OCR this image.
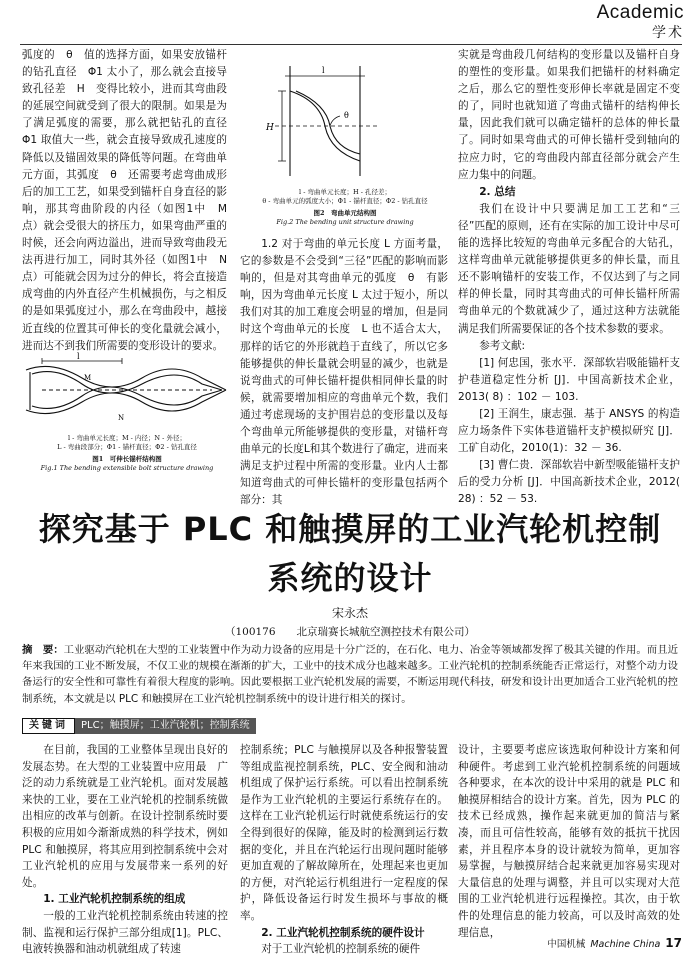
Academic
学术

弧度的　θ　值的选择方面，如果安放锚杆的钻孔直径　Φ1 太小了，那么就会直接导致孔径差　H　变得比较小，进而其弯曲段的延展空间就受到了很大的限制。如果是为了满足弧度的需要，那么就把钻孔的直径　Φ1 取值大一些，就会直接导致成孔速度的降低以及锚固效果的降低等问题。在弯曲单元方面，其弧度　θ　还需要考虑弯曲成形后的加工工艺，如果受到锚杆自身直径的影响，那其弯曲阶段的内径（如图1中　M　点）就会受很大的挤压力，如果弯曲严重的时候，还会向两边溢出，进而导致弯曲段无法再进行加工，同时其外径（如图1中　N　点）可能就会因为过分的伸长，将会直接造成弯曲的内外直径产生机械损伤，与之相反的是如果弧度过小，那么在弯曲段中，越接近直线的位置其可伸长的变化量就会减小，进而达不到我们所需要的变形设计的要求。

l
M
N
l - 弯曲单元长度；M - 内径；N - 外径；
L - 弯曲段部分；Φ1 - 锚杆直径；Φ2 - 钻孔直径
图1　可伸长锚杆结构图
Fig.1 The bending extensible bolt structure drawing
H
l
θ
l - 弯曲单元长度；H - 孔径差；
θ - 弯曲单元的弧度大小；Φ1 - 锚杆直径；Φ2 - 钻孔直径
图2　弯曲单元结构图
Fig.2 The bending unit structure drawing

1.2 对于弯曲的单元长度 L 方面考量，它的参数是不会受到“三径”匹配的影响而影响的，但是对其弯曲单元的弧度　θ　有影响，因为弯曲单元长度 L 太过于短小，所以我们对其的加工难度会明显的增加，但是同时这个弯曲单元的长度　L 也不适合太大，那样的话它的外形就趋于直线了，所以它多能够提供的伸长量就会明显的减少，也就是说弯曲式的可伸长锚杆提供相同伸长量的时候，就需要增加相应的弯曲单元个数，我们通过考虑现场的支护围岩总的变形量以及每个弯曲单元所能够提供的变形量，对锚杆弯曲单元的长度L和其个数进行了确定，进而来满足支护过程中所需的变形量。业内人士都知道弯曲式的可伸长锚杆的变形量包括两个部分：其

实就是弯曲段几何结构的变形量以及锚杆自身的塑性的变形量。如果我们把锚杆的材料确定之后，那么它的塑性变形伸长率就是固定不变的了，同时也就知道了弯曲式锚杆的结构伸长量，因此我们就可以确定锚杆的总体的伸长量了。同时如果弯曲式的可伸长锚杆受到轴向的拉应力时，它的弯曲段内部直径部分就会产生应力集中的问题。

2. 总结

我们在设计中只要满足加工工艺和“三径”匹配的原则，还有在实际的加工设计中尽可能的选择比较短的弯曲单元多配合的大钻孔，这样弯曲单元就能够提供更多的伸长量，而且还不影响锚杆的安装工作，不仅达到了与之同样的伸长量，同时其弯曲式的可伸长锚杆所需弯曲单元的个数就减少了，通过这种方法就能满足我们所需要保证的各个技术参数的要求。

参考文献:

[1] 何忠国，张水平．深部软岩吸能锚杆支护巷道稳定性分析 [J]．中国高新技术企业，2013( 8) ：102 － 103.

[2] 王润生，康志强．基于 ANSYS 的构造应力场条件下实体巷道锚杆支护模拟研究 [J]．工矿自动化，2010(1)：32 － 36.

[3] 曹仁贵．深部软岩中新型吸能锚杆支护后的受力分析 [J]．中国高新技术企业，2012( 28) ：52 － 53.

探究基于 PLC 和触摸屏的工业汽轮机控制
系统的设计
宋永杰
（100176　　北京瑞赛长城航空测控技术有限公司）
摘　要：工业驱动汽轮机在大型的工业装置中作为动力设备的应用是十分广泛的，在石化、电力、冶金等领域都发挥了极其关键的作用。而且近年来我国的工业不断发展，不仅工业的规模在渐渐的扩大，工业中的技术成分也越来越多。工业汽轮机的控制系统能否正常运行，对整个动力设备运行的安全性和可靠性有着很大程度的影响。因此要根据工业汽轮机发展的需要，不断运用现代科技，研发和设计出更加适合工业汽轮机的控制系统，本文就是以 PLC 和触摸屏在工业汽轮机控制系统中的设计进行相关的探讨。
关键词	PLC；触摸屏；工业汽轮机；控制系统

在目前，我国的工业整体呈现出良好的发展态势。在大型的工业装置中应用最　广泛的动力系统就是工业汽轮机。面对发展越来快的工业，要在工业汽轮机的控制系统做出相应的改革与创新。在设计控制系统时要积极的应用如今渐渐成熟的科学技术，例如 PLC 和触摸屏，将其应用到控制系统中会对工业汽轮机的应用与发展带来一系列的好处。

1. 工业汽轮机控制系统的组成

一般的工业汽轮机控制系统由转速的控制、监视和运行保护三部分组成[1]。PLC、电液转换器和油动机就组成了转速

控制系统；PLC 与触摸屏以及各种报警装置等组成监视控制系统，PLC、安全阀和油动机组成了保护运行系统。可以看出控制系统是作为工业汽轮机的主要运行系统存在的。这样在工业汽轮机运行时就使系统运行的安全得到很好的保障，能及时的检测到运行数据的变化，并且在汽轮运行出现问题时能够更加直观的了解故障所在，处理起来也更加的方便，对汽轮运行机组进行一定程度的保护，降低设备运行时发生损坏与事故的概率。

2. 工业汽轮机控制系统的硬件设计

对于工业汽轮机的控制系统的硬件

设计，主要要考虑应该选取何种设计方案和何种硬件。考虑到工业汽轮机控制系统的问题域各种要求，在本次的设计中采用的就是 PLC 和触摸屏相结合的设计方案。首先，因为 PLC 的技术已经成熟，操作起来就更加的简洁与紧凑，而且可信性较高，能够有效的抵抗干扰因素，并且程序本身的设计就较为简单，更加容易掌握，与触摸屏结合起来就更加容易实现对大量信息的处理与调整，并且可以实现对大范围的工业汽轮机进行远程操控。其次，由于软件的处理信息的能力较高，可以及时高效的处理信息，

中国机械 Machine China 17
